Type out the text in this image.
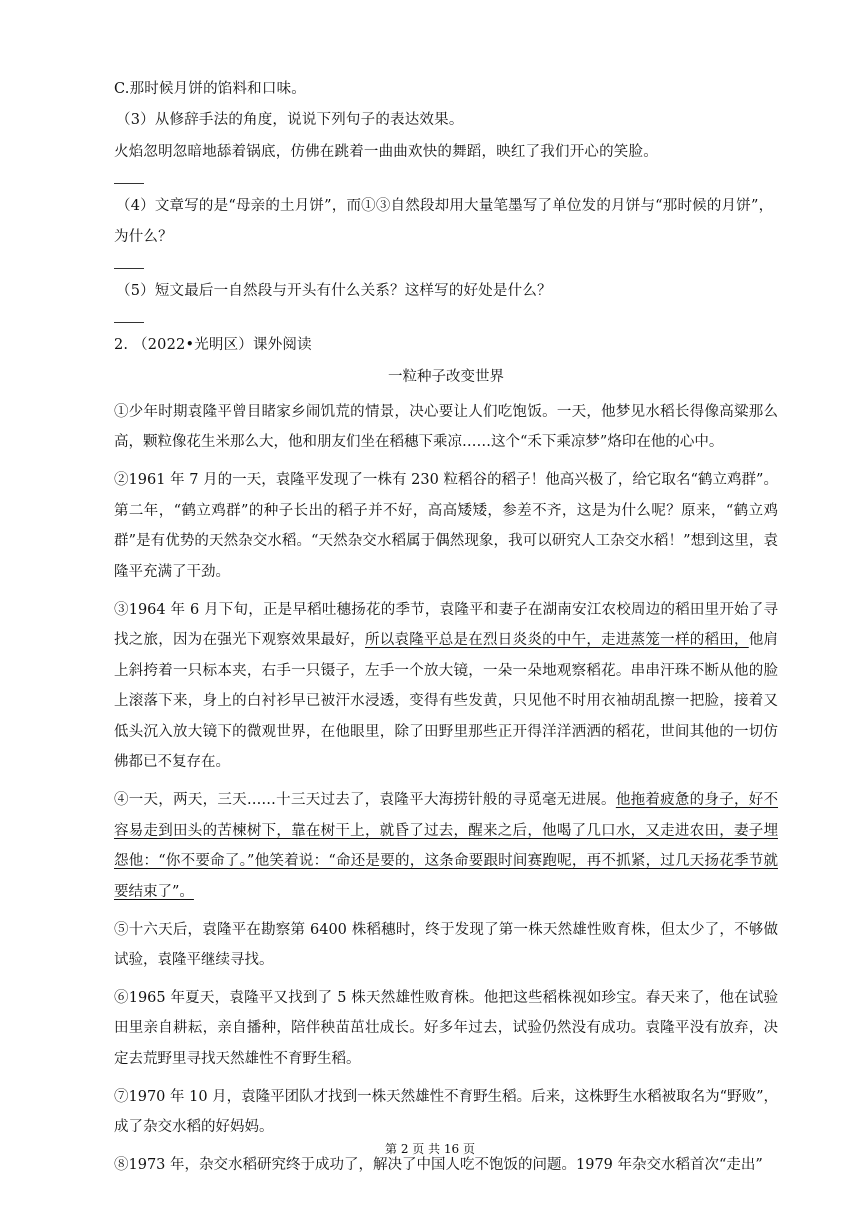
C.那时候月饼的馅料和口味。

（3）从修辞手法的角度，说说下列句子的表达效果。

火焰忽明忽暗地舔着锅底，仿佛在跳着一曲曲欢快的舞蹈，映红了我们开心的笑脸。

（4）文章写的是“母亲的土月饼”，而①③自然段却用大量笔墨写了单位发的月饼与“那时候的月饼”，

为什么？

（5）短文最后一自然段与开头有什么关系？这样写的好处是什么？

2. （2022•光明区）课外阅读

一粒种子改变世界

①少年时期袁隆平曾目睹家乡闹饥荒的情景，决心要让人们吃饱饭。一天，他梦见水稻长得像高粱那么高，颗粒像花生米那么大，他和朋友们坐在稻穗下乘凉……这个“禾下乘凉梦”烙印在他的心中。

②1961 年 7 月的一天，袁隆平发现了一株有 230 粒稻谷的稻子！他高兴极了，给它取名“鹤立鸡群”。第二年，“鹤立鸡群”的种子长出的稻子并不好，高高矮矮，参差不齐，这是为什么呢？原来，“鹤立鸡群”是有优势的天然杂交水稻。“天然杂交水稻属于偶然现象，我可以研究人工杂交水稻！”想到这里，袁隆平充满了干劲。

③1964 年 6 月下旬，正是早稻吐穗扬花的季节，袁隆平和妻子在湖南安江农校周边的稻田里开始了寻找之旅，因为在强光下观察效果最好，所以袁隆平总是在烈日炎炎的中午，走进蒸笼一样的稻田，他肩上斜挎着一只标本夹，右手一只镊子，左手一个放大镜，一朵一朵地观察稻花。串串汗珠不断从他的脸上滚落下来，身上的白衬衫早已被汗水浸透，变得有些发黄，只见他不时用衣袖胡乱擦一把脸，接着又低头沉入放大镜下的微观世界，在他眼里，除了田野里那些正开得洋洋洒洒的稻花，世间其他的一切仿佛都已不复存在。

④一天，两天，三天……十三天过去了，袁隆平大海捞针般的寻觅毫无进展。他拖着疲惫的身子，好不容易走到田头的苦楝树下，靠在树干上，就昏了过去，醒来之后，他喝了几口水，又走进农田，妻子埋怨他：“你不要命了。”他笑着说：“命还是要的，这条命要跟时间赛跑呢，再不抓紧，过几天扬花季节就要结束了”。

⑤十六天后，袁隆平在勘察第 6400 株稻穗时，终于发现了第一株天然雄性败育株，但太少了，不够做试验，袁隆平继续寻找。

⑥1965 年夏天，袁隆平又找到了 5 株天然雄性败育株。他把这些稻株视如珍宝。春天来了，他在试验田里亲自耕耘，亲自播种，陪伴秧苗茁壮成长。好多年过去，试验仍然没有成功。袁隆平没有放弃，决定去荒野里寻找天然雄性不育野生稻。

⑦1970 年 10 月，袁隆平团队才找到一株天然雄性不育野生稻。后来，这株野生水稻被取名为“野败”，成了杂交水稻的好妈妈。

⑧1973 年，杂交水稻研究终于成功了，解决了中国人吃不饱饭的问题。1979 年杂交水稻首次“走出”

第 2 页 共 16 页
